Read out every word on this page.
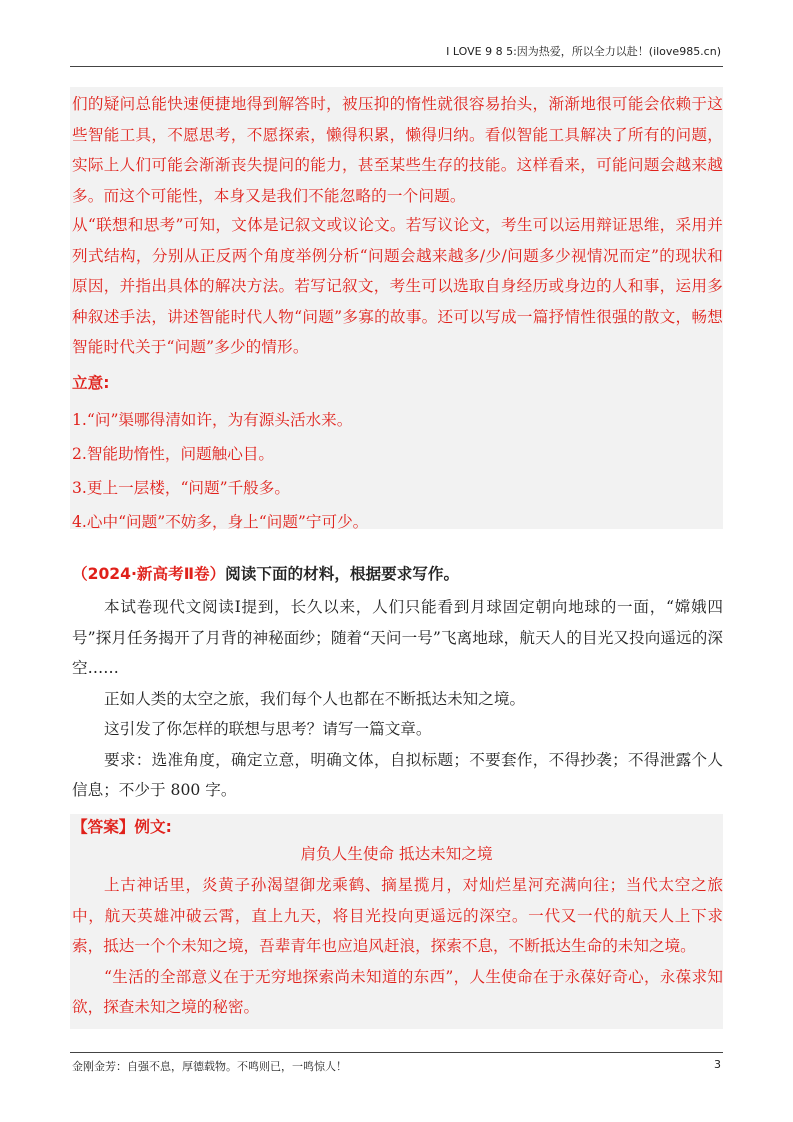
I LOVE 9 8 5:因为热爱，所以全力以赴！(ilove985.cn)
们的疑问总能快速便捷地得到解答时，被压抑的惰性就很容易抬头，渐渐地很可能会依赖于这
些智能工具，不愿思考，不愿探索，懒得积累，懒得归纳。看似智能工具解决了所有的问题，
实际上人们可能会渐渐丧失提问的能力，甚至某些生存的技能。这样看来，可能问题会越来越
多。而这个可能性，本身又是我们不能忽略的一个问题。
从“联想和思考”可知，文体是记叙文或议论文。若写议论文，考生可以运用辩证思维，采用并
列式结构，分别从正反两个角度举例分析“问题会越来越多/少/问题多少视情况而定”的现状和
原因，并指出具体的解决方法。若写记叙文，考生可以选取自身经历或身边的人和事，运用多
种叙述手法，讲述智能时代人物“问题”多寡的故事。还可以写成一篇抒情性很强的散文，畅想
智能时代关于“问题”多少的情形。
立意:
1.“问”渠哪得清如许，为有源头活水来。
2.智能助惰性，问题触心目。
3.更上一层楼，“问题”千般多。
4.心中“问题”不妨多，身上“问题”宁可少。
（2024·新高考Ⅱ卷）阅读下面的材料，根据要求写作。
本试卷现代文阅读Ⅰ提到，长久以来，人们只能看到月球固定朝向地球的一面，“嫦娥四号”探月任务揭开了月背的神秘面纱；随着“天问一号”飞离地球，航天人的目光又投向遥远的深空……
正如人类的太空之旅，我们每个人也都在不断抵达未知之境。
这引发了你怎样的联想与思考？请写一篇文章。
要求：选准角度，确定立意，明确文体，自拟标题；不要套作，不得抄袭；不得泄露个人信息；不少于 800 字。
【答案】例文:
肩负人生使命 抵达未知之境
上古神话里，炎黄子孙渴望御龙乘鹤、摘星揽月，对灿烂星河充满向往；当代太空之旅中，航天英雄冲破云霄，直上九天，将目光投向更遥远的深空。一代又一代的航天人上下求索，抵达一个个未知之境，吾辈青年也应追风赶浪，探索不息，不断抵达生命的未知之境。
“生活的全部意义在于无穷地探索尚未知道的东西”，人生使命在于永葆好奇心，永葆求知欲，探查未知之境的秘密。
金刚金芳：自强不息，厚德载物。不鸣则已，一鸣惊人！	3
